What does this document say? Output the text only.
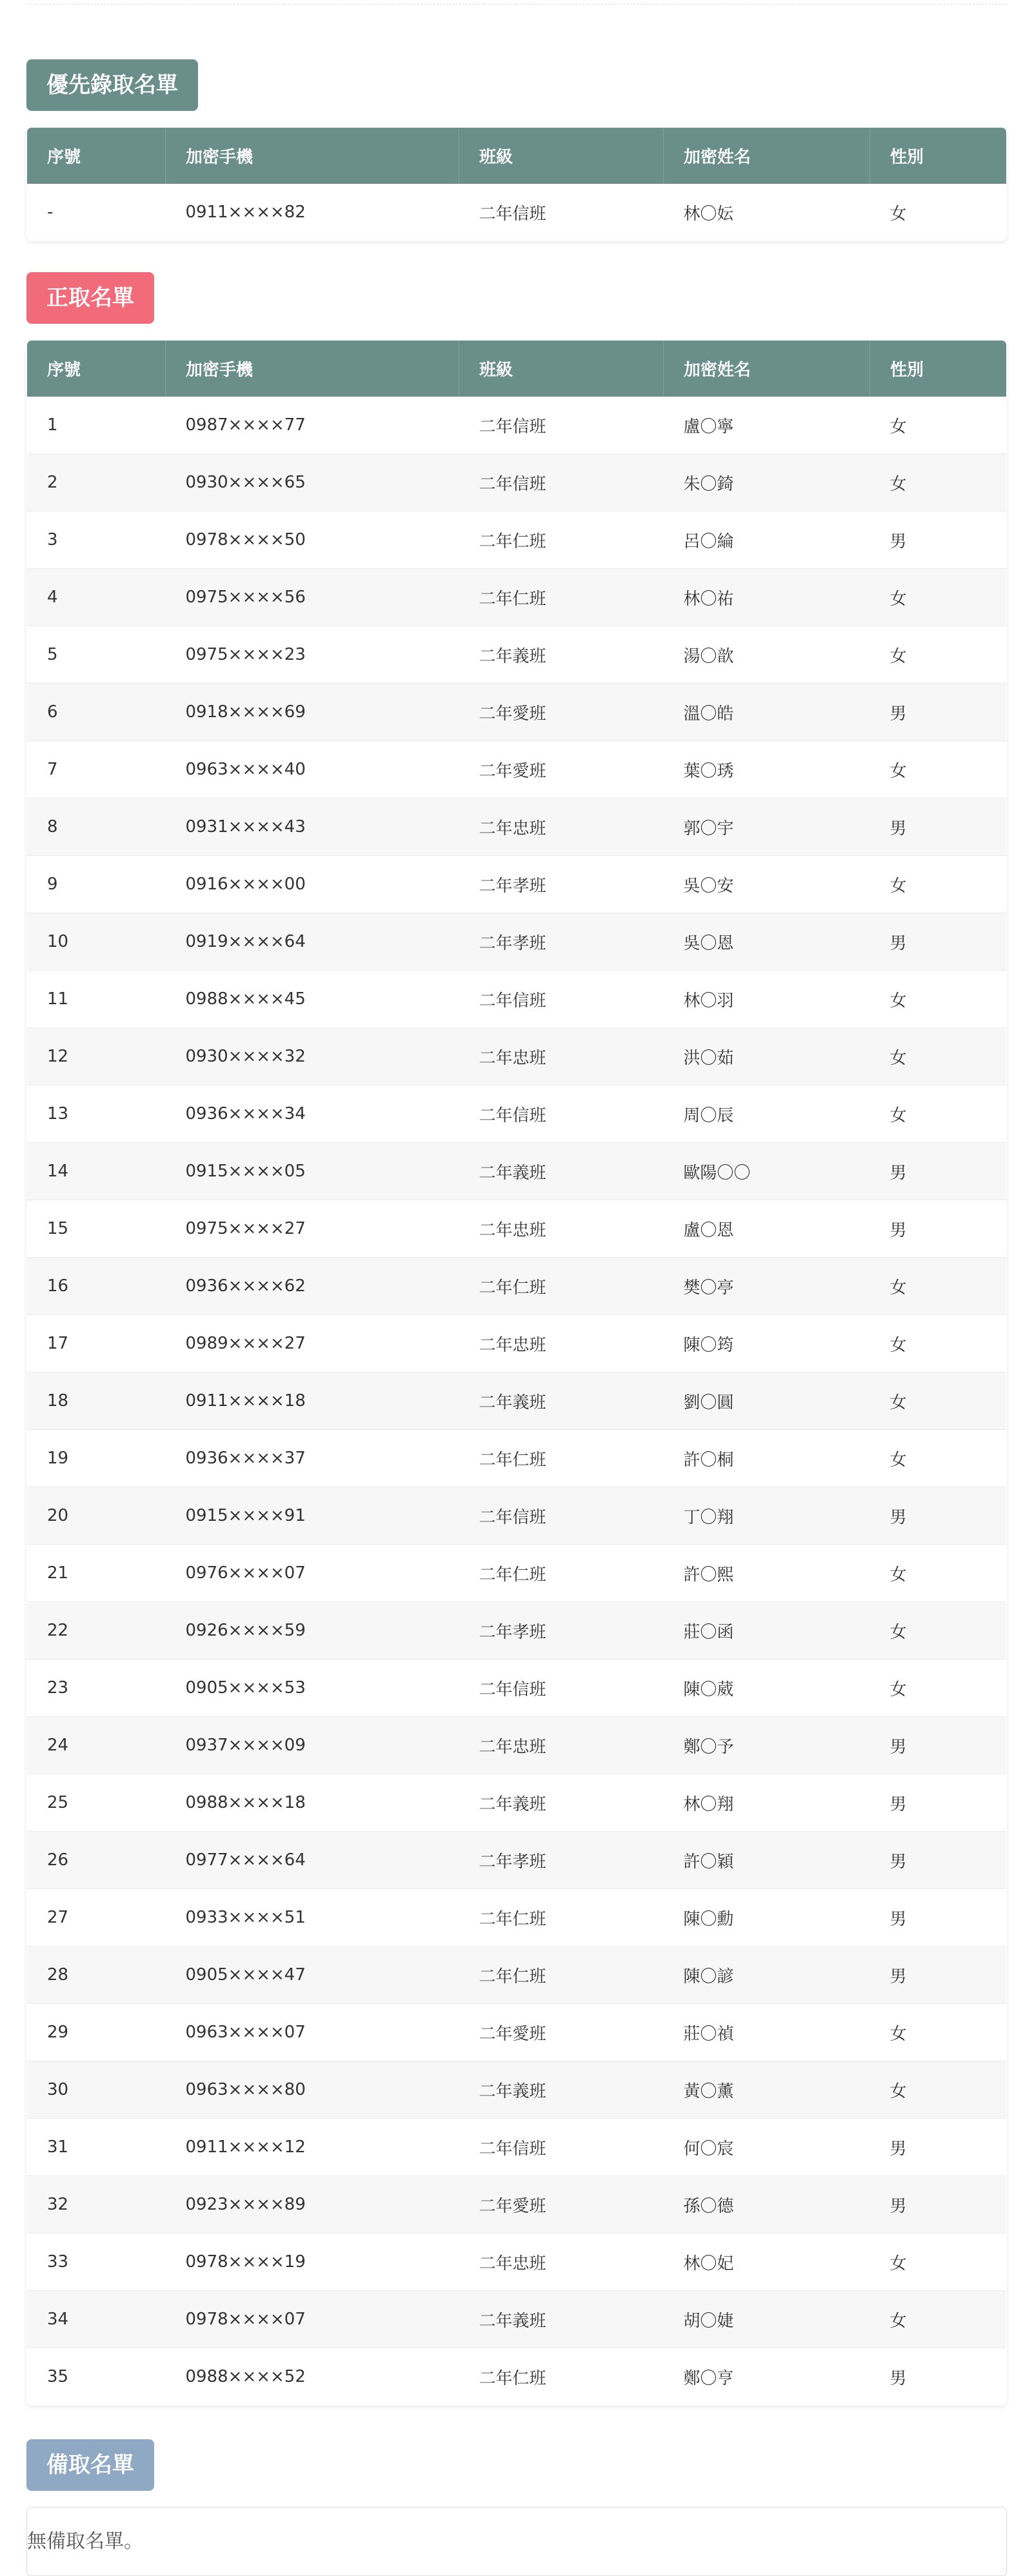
優先錄取名單
序號	加密手機	班級	加密姓名	性別
-	0911××××82	二年信班	林〇妘	女
正取名單
序號	加密手機	班級	加密姓名	性別
1	0987××××77	二年信班	盧〇寧	女
2	0930××××65	二年信班	朱〇錡	女
3	0978××××50	二年仁班	呂〇綸	男
4	0975××××56	二年仁班	林〇祐	女
5	0975××××23	二年義班	湯〇歆	女
6	0918××××69	二年愛班	溫〇皓	男
7	0963××××40	二年愛班	葉〇琇	女
8	0931××××43	二年忠班	郭〇宇	男
9	0916××××00	二年孝班	吳〇安	女
10	0919××××64	二年孝班	吳〇恩	男
11	0988××××45	二年信班	林〇羽	女
12	0930××××32	二年忠班	洪〇茹	女
13	0936××××34	二年信班	周〇辰	女
14	0915××××05	二年義班	歐陽〇〇	男
15	0975××××27	二年忠班	盧〇恩	男
16	0936××××62	二年仁班	樊〇亭	女
17	0989××××27	二年忠班	陳〇筠	女
18	0911××××18	二年義班	劉〇圓	女
19	0936××××37	二年仁班	許〇桐	女
20	0915××××91	二年信班	丁〇翔	男
21	0976××××07	二年仁班	許〇熙	女
22	0926××××59	二年孝班	莊〇函	女
23	0905××××53	二年信班	陳〇葳	女
24	0937××××09	二年忠班	鄭〇予	男
25	0988××××18	二年義班	林〇翔	男
26	0977××××64	二年孝班	許〇穎	男
27	0933××××51	二年仁班	陳〇勳	男
28	0905××××47	二年仁班	陳〇諺	男
29	0963××××07	二年愛班	莊〇禎	女
30	0963××××80	二年義班	黃〇薰	女
31	0911××××12	二年信班	何〇宸	男
32	0923××××89	二年愛班	孫〇德	男
33	0978××××19	二年忠班	林〇妃	女
34	0978××××07	二年義班	胡〇婕	女
35	0988××××52	二年仁班	鄭〇亨	男
備取名單
無備取名單。
